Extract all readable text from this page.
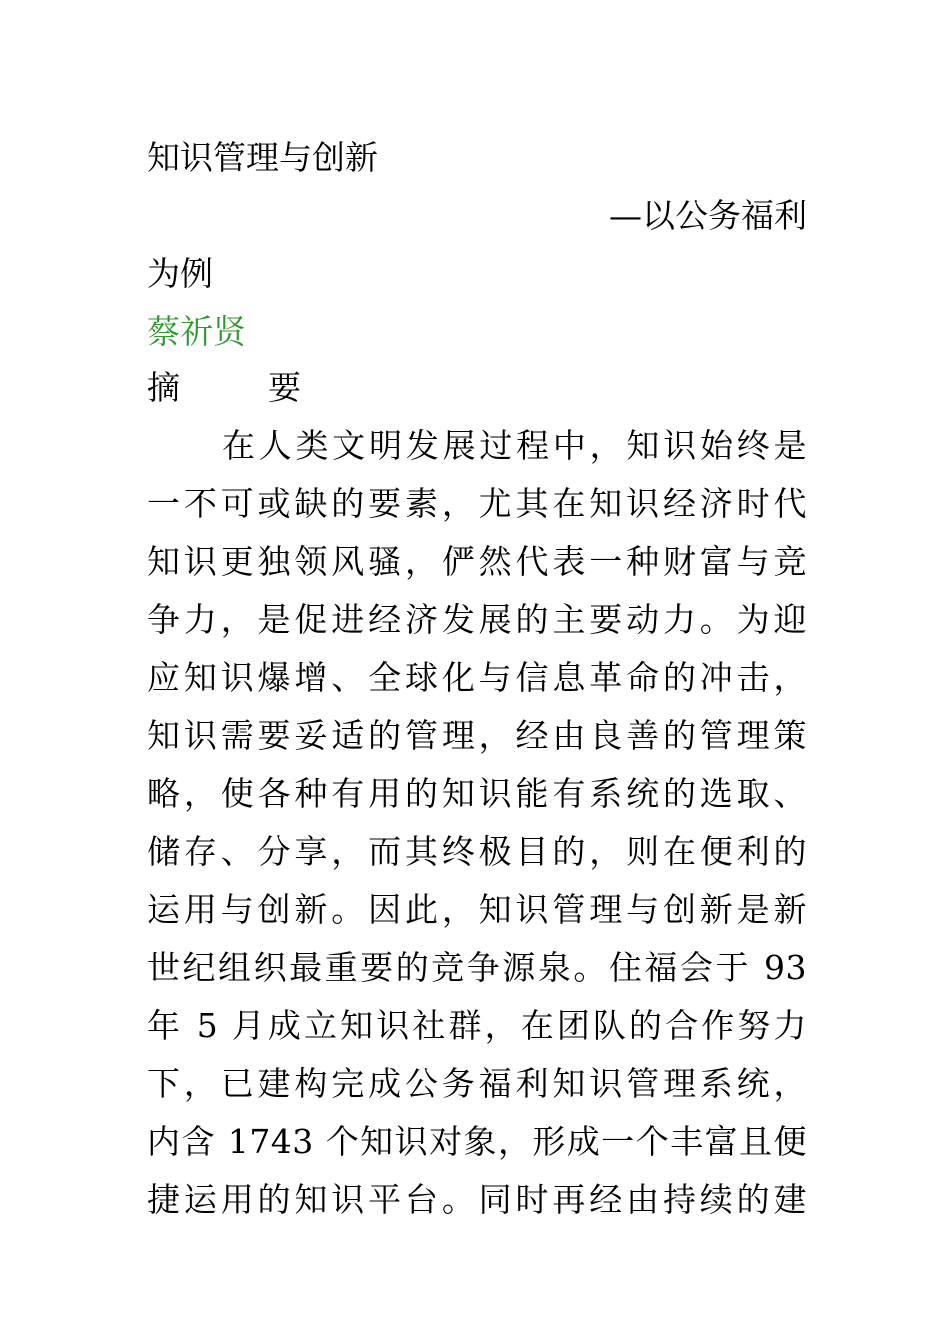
知识管理与创新
—以公务福利
为例
蔡祈贤
摘	要
在人类文明发展过程中，知识始终是
一不可或缺的要素，尤其在知识经济时代
知识更独领风骚，俨然代表一种财富与竞
争力，是促进经济发展的主要动力。为迎
应知识爆增、全球化与信息革命的冲击，
知识需要妥适的管理，经由良善的管理策
略，使各种有用的知识能有系统的选取、
储存、分享，而其终极目的，则在便利的
运用与创新。因此，知识管理与创新是新
世纪组织最重要的竞争源泉。住福会于 93
年 5 月成立知识社群，在团队的合作努力
下，已建构完成公务福利知识管理系统，
内含 1743 个知识对象，形成一个丰富且便
捷运用的知识平台。同时再经由持续的建
